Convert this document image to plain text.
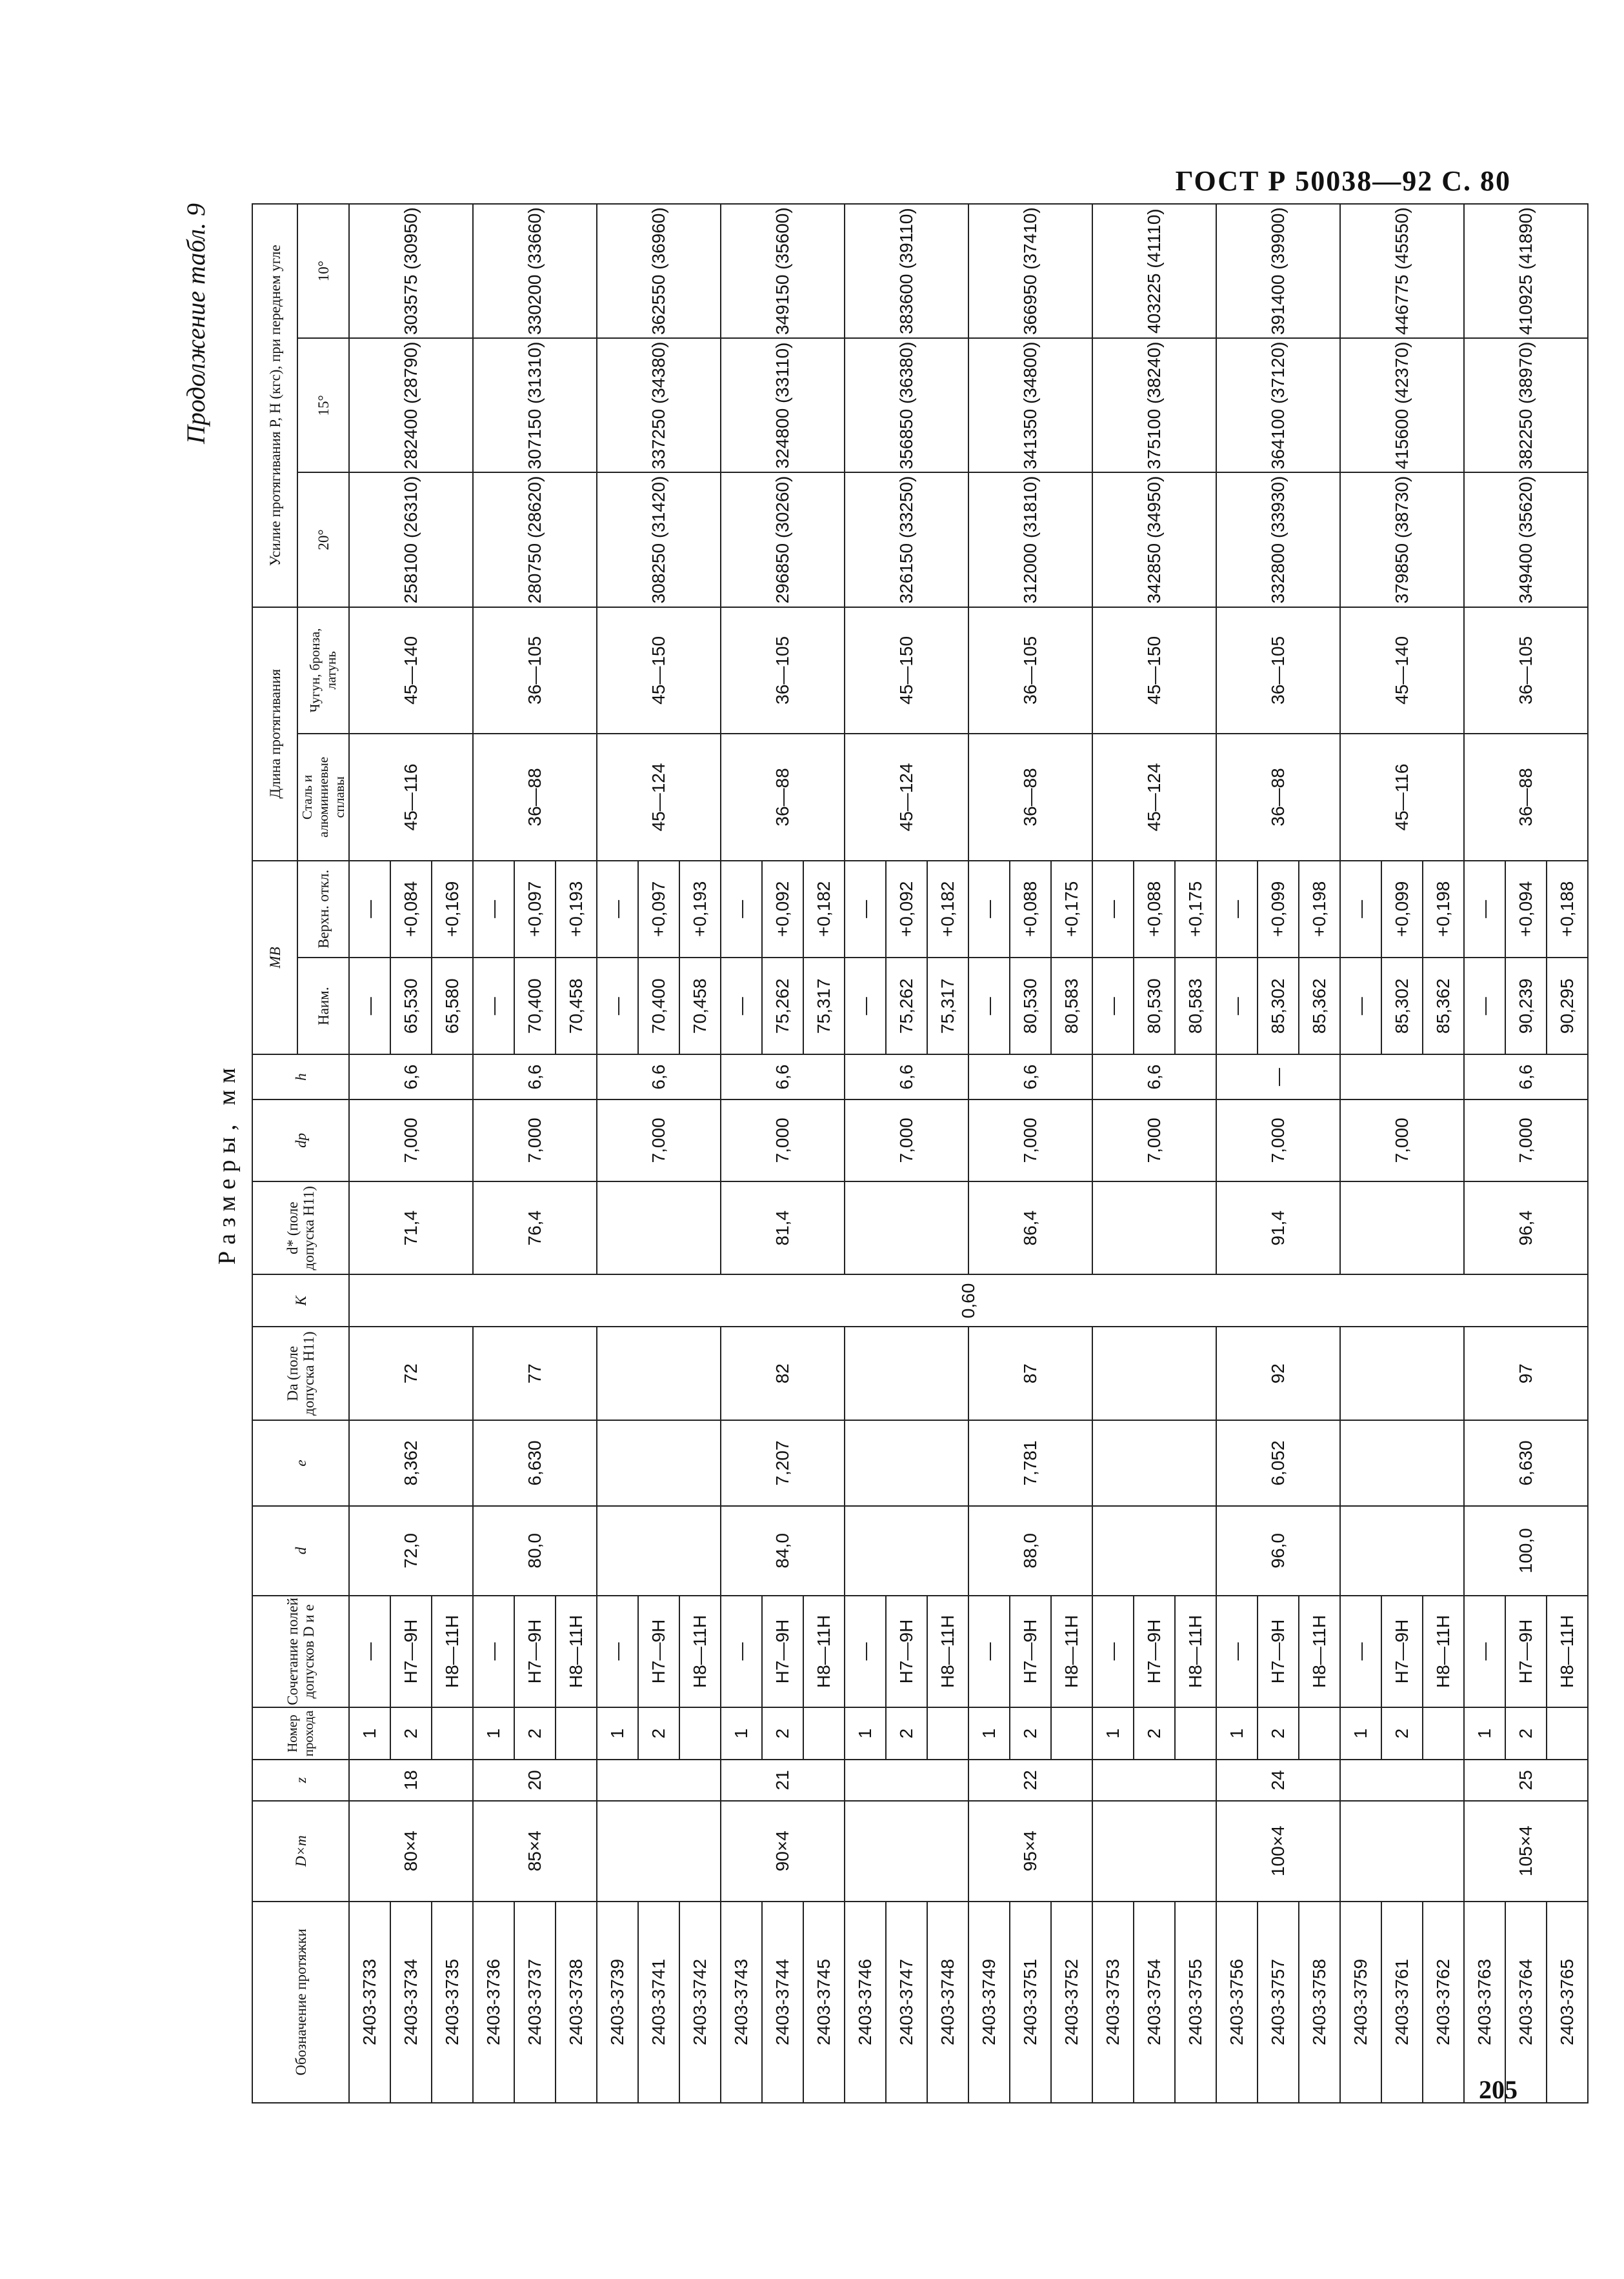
ГОСТ Р 50038—92 С. 80
Продолжение табл. 9
Размеры, мм
Обозначение протяжки	D×m	z	Номер прохода	Сочетание полей допусков D и e	d	e	Da (поле допуска H11)	K	d* (поле допуска H11)	dp	h	MB		Длина протягивания		Усилие протягивания P, Н (кгс), при переднем угле		
												Наим.	Верхн. откл.	Сталь и алюминиевые сплавы	Чугун, бронза, латунь	20°	15°	10°
2403-3733	80×4	18	1	—	72,0	8,362	72	0,60	71,4	7,000	6,6	—	—	45—116	45—140	258100 (26310)	282400 (28790)	303575 (30950)
2403-3734			2	H7—9H								65,530	+0,084					
2403-3735				H8—11H								65,580	+0,169					
2403-3736	85×4	20	1	—	80,0	6,630	77		76,4	7,000	6,6	—	—	36—88	36—105	280750 (28620)	307150 (31310)	330200 (33660)
2403-3737			2	H7—9H								70,400	+0,097					
2403-3738				H8—11H								70,458	+0,193					
2403-3739			1	—						7,000	6,6	—	—	45—124	45—150	308250 (31420)	337250 (34380)	362550 (36960)
2403-3741			2	H7—9H								70,400	+0,097					
2403-3742				H8—11H								70,458	+0,193					
2403-3743	90×4	21	1	—	84,0	7,207	82		81,4	7,000	6,6	—	—	36—88	36—105	296850 (30260)	324800 (33110)	349150 (35600)
2403-3744			2	H7—9H								75,262	+0,092					
2403-3745				H8—11H								75,317	+0,182					
2403-3746			1	—						7,000	6,6	—	—	45—124	45—150	326150 (33250)	356850 (36380)	383600 (39110)
2403-3747			2	H7—9H								75,262	+0,092					
2403-3748				H8—11H								75,317	+0,182					
2403-3749	95×4	22	1	—	88,0	7,781	87		86,4	7,000	6,6	—	—	36—88	36—105	312000 (31810)	341350 (34800)	366950 (37410)
2403-3751			2	H7—9H								80,530	+0,088					
2403-3752				H8—11H								80,583	+0,175					
2403-3753			1	—						7,000	6,6	—	—	45—124	45—150	342850 (34950)	375100 (38240)	403225 (41110)
2403-3754			2	H7—9H								80,530	+0,088					
2403-3755				H8—11H								80,583	+0,175					
2403-3756	100×4	24	1	—	96,0	6,052	92		91,4	7,000	—	—	—	36—88	36—105	332800 (33930)	364100 (37120)	391400 (39900)
2403-3757			2	H7—9H								85,302	+0,099					
2403-3758				H8—11H								85,362	+0,198					
2403-3759			1	—						7,000		—	—	45—116	45—140	379850 (38730)	415600 (42370)	446775 (45550)
2403-3761			2	H7—9H								85,302	+0,099					
2403-3762				H8—11H								85,362	+0,198					
2403-3763	105×4	25	1	—	100,0	6,630	97		96,4	7,000	6,6	—	—	36—88	36—105	349400 (35620)	382250 (38970)	410925 (41890)
2403-3764			2	H7—9H								90,239	+0,094					
2403-3765				H8—11H								90,295	+0,188					
205
